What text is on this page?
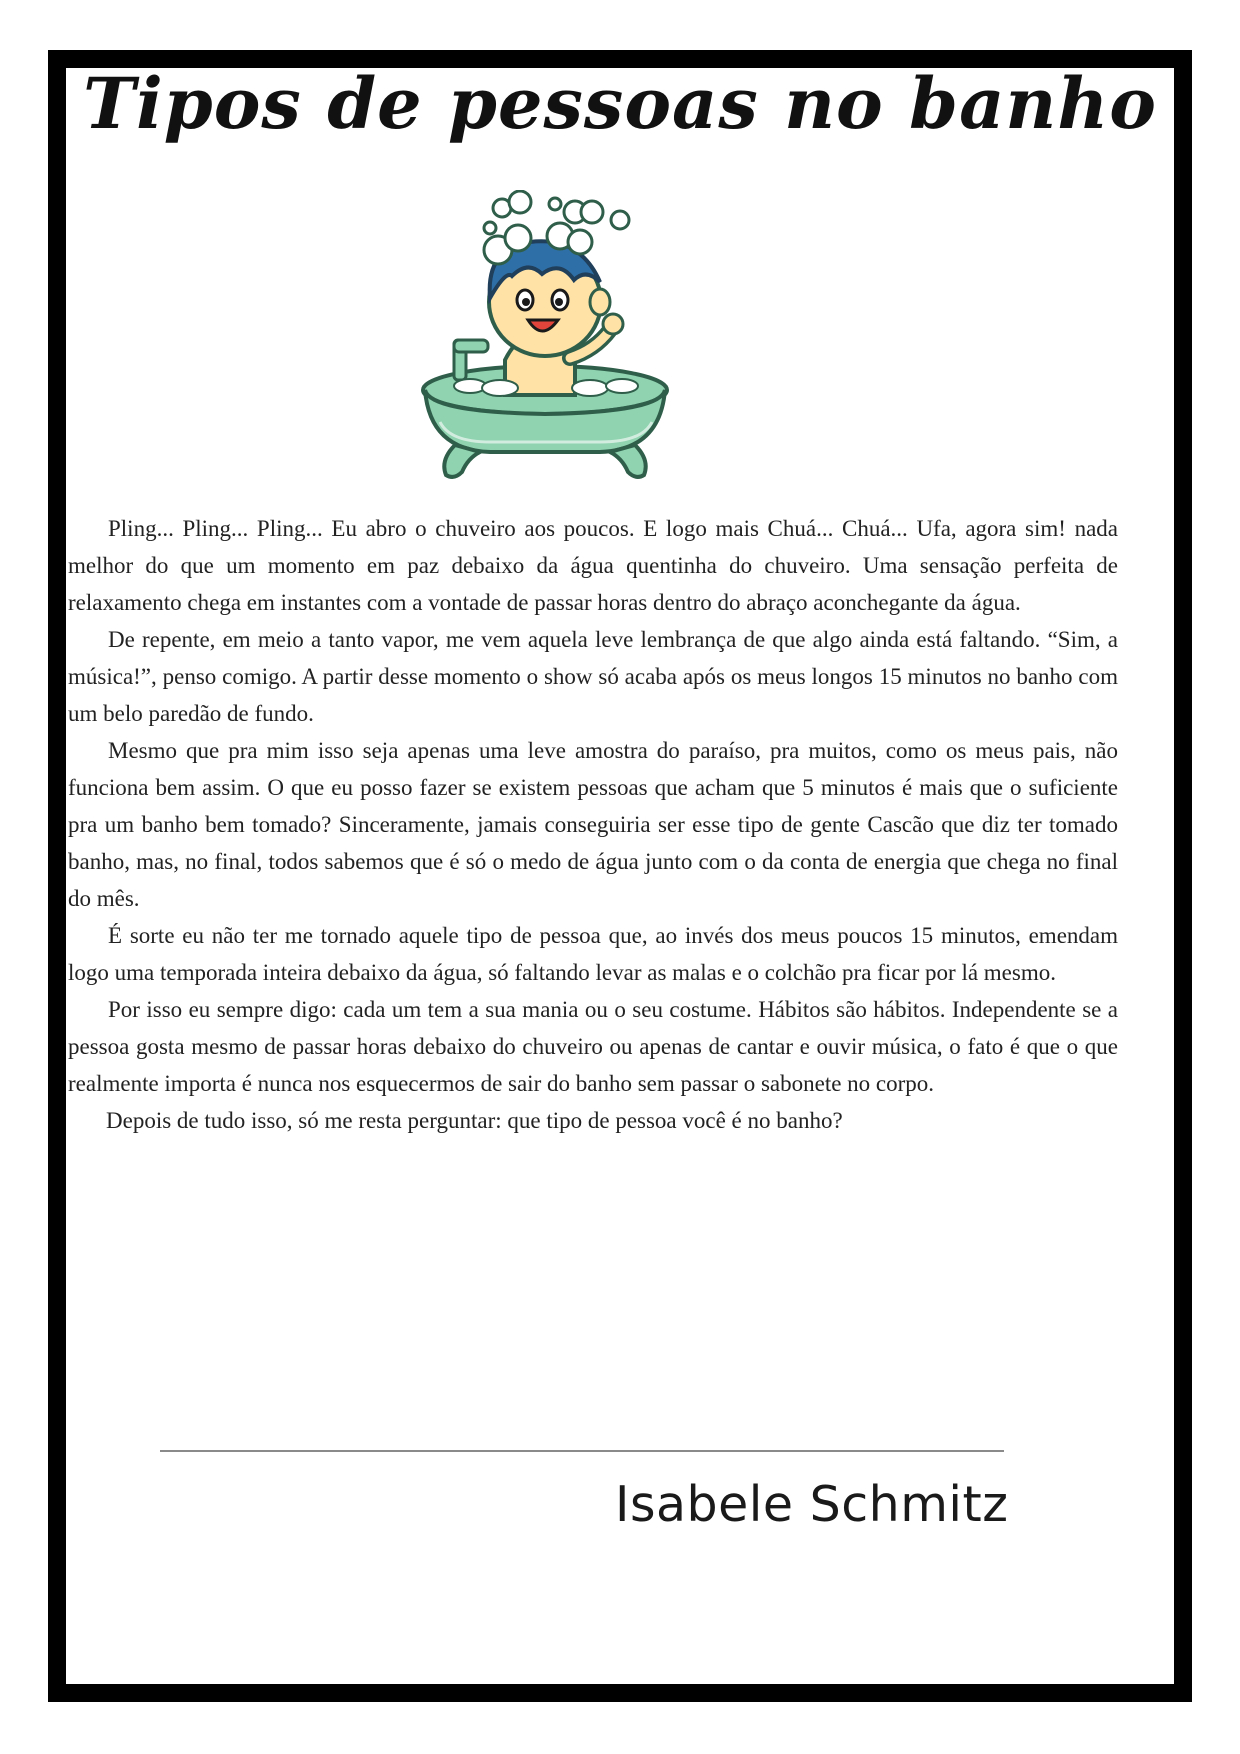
Tipos de pessoas no banho

Pling... Pling... Pling... Eu abro o chuveiro aos poucos. E logo mais Chuá... Chuá... Ufa, agora sim! nada melhor do que um momento em paz debaixo da água quentinha do chuveiro. Uma sensação perfeita de relaxamento chega em instantes com a vontade de passar horas dentro do abraço aconchegante da água.

De repente, em meio a tanto vapor, me vem aquela leve lembrança de que algo ainda está faltando. “Sim, a música!”, penso comigo. A partir desse momento o show só acaba após os meus longos 15 minutos no banho com um belo paredão de fundo.

Mesmo que pra mim isso seja apenas uma leve amostra do paraíso, pra muitos, como os meus pais, não funciona bem assim. O que eu posso fazer se existem pessoas que acham que 5 minutos é mais que o suficiente pra um banho bem tomado? Sinceramente, jamais conseguiria ser esse tipo de gente Cascão que diz ter tomado banho, mas, no final, todos sabemos que é só o medo de água junto com o da conta de energia que chega no final do mês.

É sorte eu não ter me tornado aquele tipo de pessoa que, ao invés dos meus poucos 15 minutos, emendam logo uma temporada inteira debaixo da água, só faltando levar as malas e o colchão pra ficar por lá mesmo.

Por isso eu sempre digo: cada um tem a sua mania ou o seu costume. Hábitos são hábitos. Independente se a pessoa gosta mesmo de passar horas debaixo do chuveiro ou apenas de cantar e ouvir música, o fato é que o que realmente importa é nunca nos esquecermos de sair do banho sem passar o sabonete no corpo.

Depois de tudo isso, só me resta perguntar: que tipo de pessoa você é no banho?

Isabele Schmitz
